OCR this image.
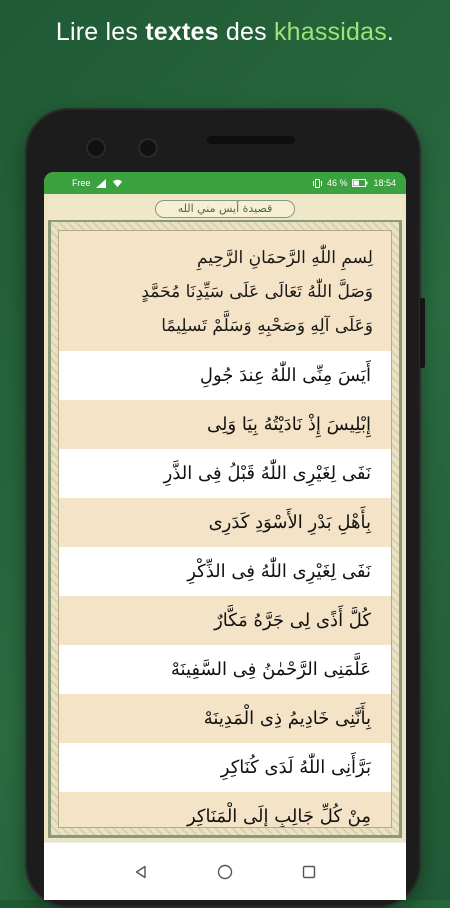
Lire les textes des khassidas.
Free	46 %	18:54
قصيدة أيس مني الله
لِسمِ اللّٰهِ الرَّحمَانِ الرَّحِيمِ
وَصَلَّ اللّٰهُ تَعَالَى عَلَى سَيِّدِنَا مُحَمَّدٍ
وَعَلَى آلِهِ وَصَحْبِهِ وَسَلَّمْ تَسلِيمًا
أَيَسَ مِنِّى اللّٰهُ عِندَ جُولِ
إِبْلِيسَ إِذْ نَادَيْتُهُ بِيَا وَلِى
نَفَى لِغَيْرِى اللّٰهُ قَبْلُ فِى الذَّرِ
بِأَهْلِ بَدْرِ الأَسْوَدِ كَدَرِى
نَفَى لِغَيْرِى اللّٰهُ فِى الذِّكْرِ
كُلَّ أَذًى لِى جَرَّهُ مَكَّارٌ
عَلَّمَنِى الرَّحْمٰنُ فِى السَّفِينَهْ
بِأَنَّنِى خَادِيمُ ذِى الْمَدِينَهْ
بَرَّأَنِى اللّٰهُ لَدَى كُنَاكِرِ
مِنْ كُلِّ جَالِبٍ إِلَى الْمَنَاكِرِ
